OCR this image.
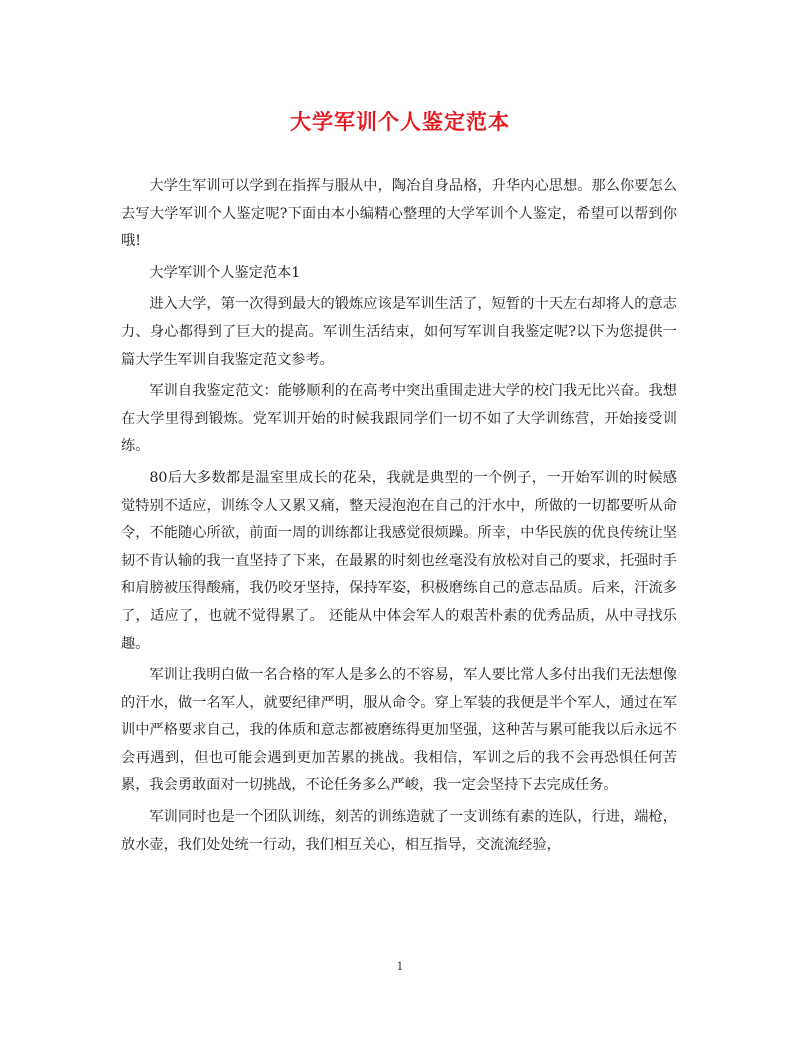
大学军训个人鉴定范本

大学生军训可以学到在指挥与服从中，陶冶自身品格，升华内心思想。那么你要怎么去写大学军训个人鉴定呢?下面由本小编精心整理的大学军训个人鉴定，希望可以帮到你哦!

大学军训个人鉴定范本1

进入大学，第一次得到最大的锻炼应该是军训生活了，短暂的十天左右却将人的意志力、身心都得到了巨大的提高。军训生活结束，如何写军训自我鉴定呢?以下为您提供一篇大学生军训自我鉴定范文参考。

军训自我鉴定范文：能够顺利的在高考中突出重围走进大学的校门我无比兴奋。我想在大学里得到锻炼。党军训开始的时候我跟同学们一切不如了大学训练营，开始接受训练。

80后大多数都是温室里成长的花朵，我就是典型的一个例子，一开始军训的时候感觉特别不适应，训练令人又累又痛，整天浸泡泡在自己的汗水中，所做的一切都要听从命令，不能随心所欲，前面一周的训练都让我感觉很烦躁。所幸，中华民族的优良传统让坚韧不肯认输的我一直坚持了下来，在最累的时刻也丝毫没有放松对自己的要求，托强时手和肩膀被压得酸痛，我仍咬牙坚持，保持军姿，积极磨练自己的意志品质。后来，汗流多了，适应了，也就不觉得累了。 还能从中体会军人的艰苦朴素的优秀品质，从中寻找乐趣。

军训让我明白做一名合格的军人是多么的不容易，军人要比常人多付出我们无法想像的汗水，做一名军人，就要纪律严明，服从命令。穿上军装的我便是半个军人，通过在军训中严格要求自己，我的体质和意志都被磨练得更加坚强，这种苦与累可能我以后永远不会再遇到，但也可能会遇到更加苦累的挑战。我相信，军训之后的我不会再恐惧任何苦累，我会勇敢面对一切挑战，不论任务多么严峻，我一定会坚持下去完成任务。

军训同时也是一个团队训练，刻苦的训练造就了一支训练有素的连队，行进，端枪，放水壶，我们处处统一行动，我们相互关心，相互指导，交流流经验，

1
